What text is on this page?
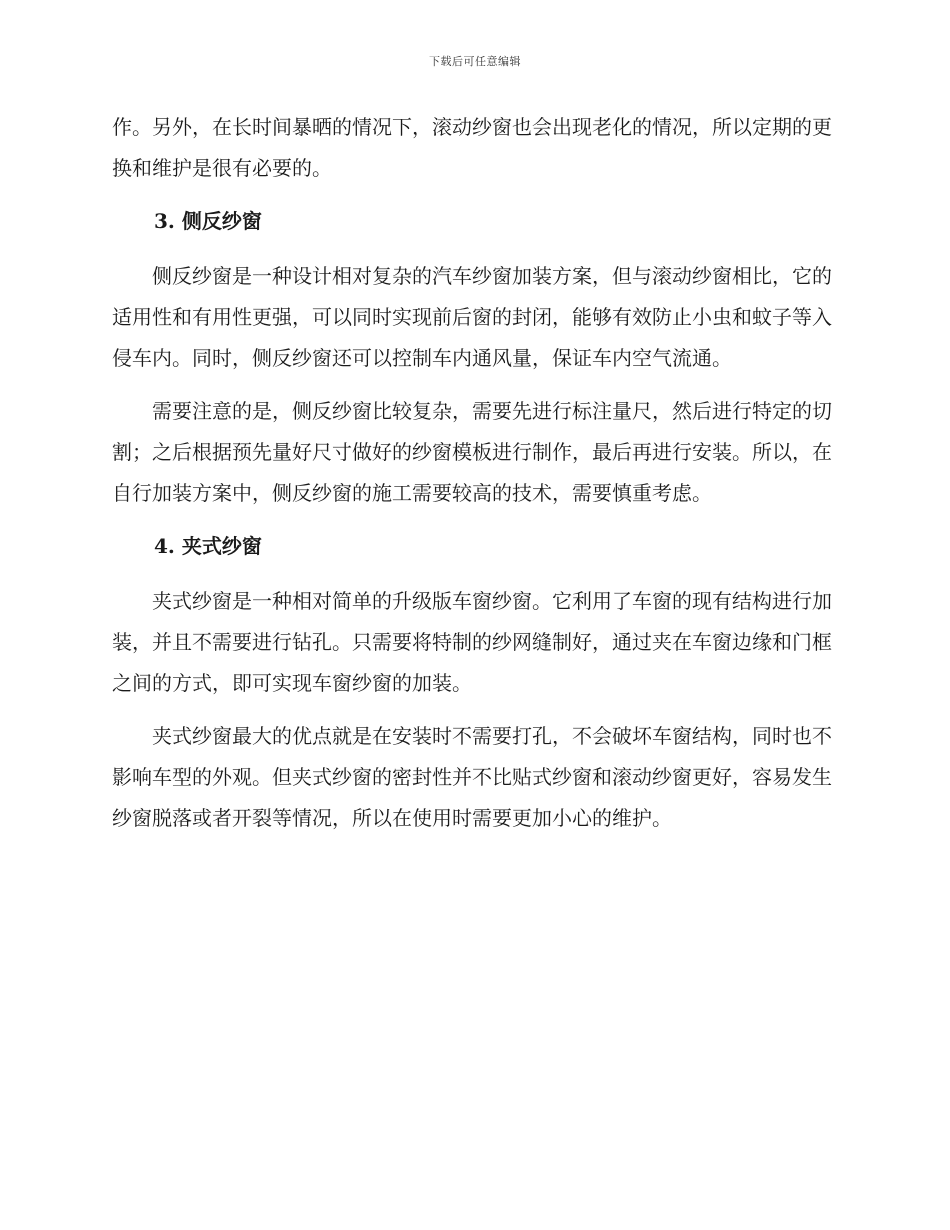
下载后可任意编辑

作。另外，在长时间暴晒的情况下，滚动纱窗也会出现老化的情况，所以定期的更换和维护是很有必要的。

3. 侧反纱窗

侧反纱窗是一种设计相对复杂的汽车纱窗加装方案，但与滚动纱窗相比，它的适用性和有用性更强，可以同时实现前后窗的封闭，能够有效防止小虫和蚊子等入侵车内。同时，侧反纱窗还可以控制车内通风量，保证车内空气流通。

需要注意的是，侧反纱窗比较复杂，需要先进行标注量尺，然后进行特定的切割；之后根据预先量好尺寸做好的纱窗模板进行制作，最后再进行安装。所以，在自行加装方案中，侧反纱窗的施工需要较高的技术，需要慎重考虑。

4. 夹式纱窗

夹式纱窗是一种相对简单的升级版车窗纱窗。它利用了车窗的现有结构进行加装，并且不需要进行钻孔。只需要将特制的纱网缝制好，通过夹在车窗边缘和门框之间的方式，即可实现车窗纱窗的加装。

夹式纱窗最大的优点就是在安装时不需要打孔，不会破坏车窗结构，同时也不影响车型的外观。但夹式纱窗的密封性并不比贴式纱窗和滚动纱窗更好，容易发生纱窗脱落或者开裂等情况，所以在使用时需要更加小心的维护。
